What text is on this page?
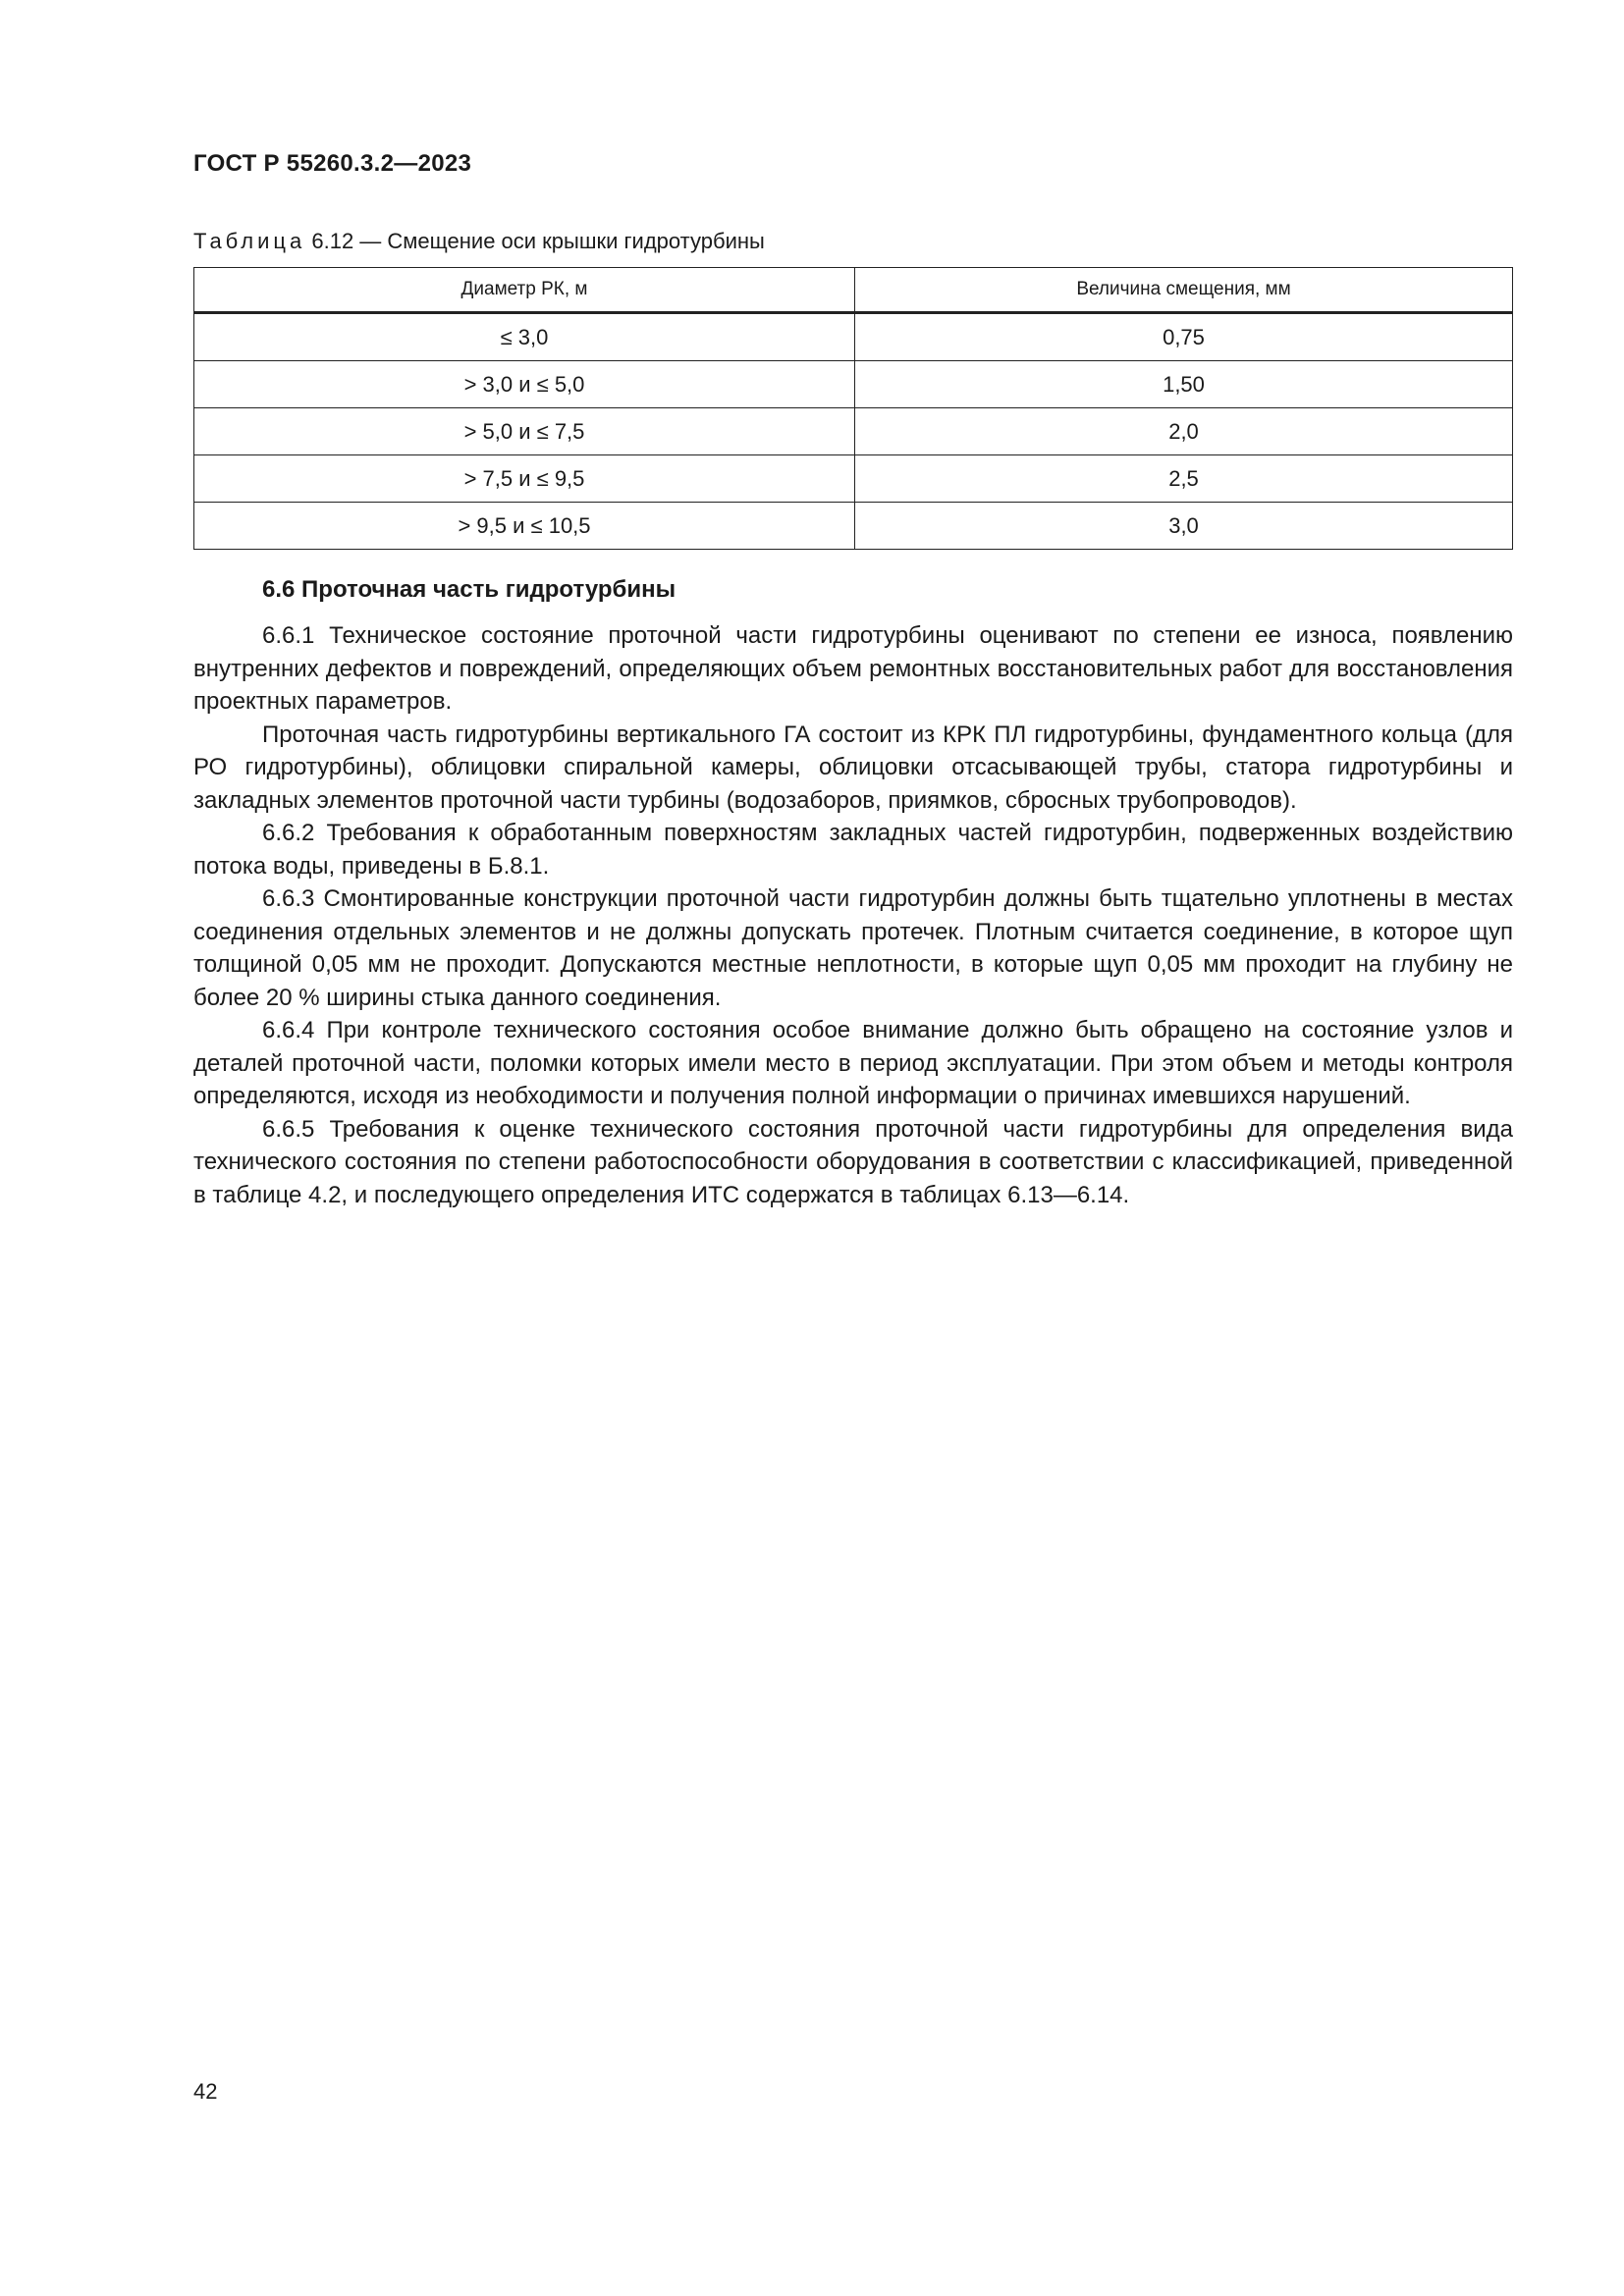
ГОСТ Р 55260.3.2—2023
Таблица 6.12 — Смещение оси крышки гидротурбины
Диаметр РК, м	Величина смещения, мм
≤ 3,0	0,75
> 3,0 и ≤ 5,0	1,50
> 5,0 и ≤ 7,5	2,0
> 7,5 и ≤ 9,5	2,5
> 9,5 и ≤ 10,5	3,0
6.6 Проточная часть гидротурбины

6.6.1 Техническое состояние проточной части гидротурбины оценивают по степени ее износа, появлению внутренних дефектов и повреждений, определяющих объем ремонтных восстановительных работ для восстановления проектных параметров.

Проточная часть гидротурбины вертикального ГА состоит из КРК ПЛ гидротурбины, фундаментного кольца (для РО гидротурбины), облицовки спиральной камеры, облицовки отсасывающей трубы, статора гидротурбины и закладных элементов проточной части турбины (водозаборов, приямков, сбросных трубопроводов).

6.6.2 Требования к обработанным поверхностям закладных частей гидротурбин, подверженных воздействию потока воды, приведены в Б.8.1.

6.6.3 Смонтированные конструкции проточной части гидротурбин должны быть тщательно уплотнены в местах соединения отдельных элементов и не должны допускать протечек. Плотным считается соединение, в которое щуп толщиной 0,05 мм не проходит. Допускаются местные неплотности, в которые щуп 0,05 мм проходит на глубину не более 20 % ширины стыка данного соединения.

6.6.4 При контроле технического состояния особое внимание должно быть обращено на состояние узлов и деталей проточной части, поломки которых имели место в период эксплуатации. При этом объем и методы контроля определяются, исходя из необходимости и получения полной информации о причинах имевшихся нарушений.

6.6.5 Требования к оценке технического состояния проточной части гидротурбины для определения вида технического состояния по степени работоспособности оборудования в соответствии с классификацией, приведенной в таблице 4.2, и последующего определения ИТС содержатся в таблицах 6.13—6.14.

42
